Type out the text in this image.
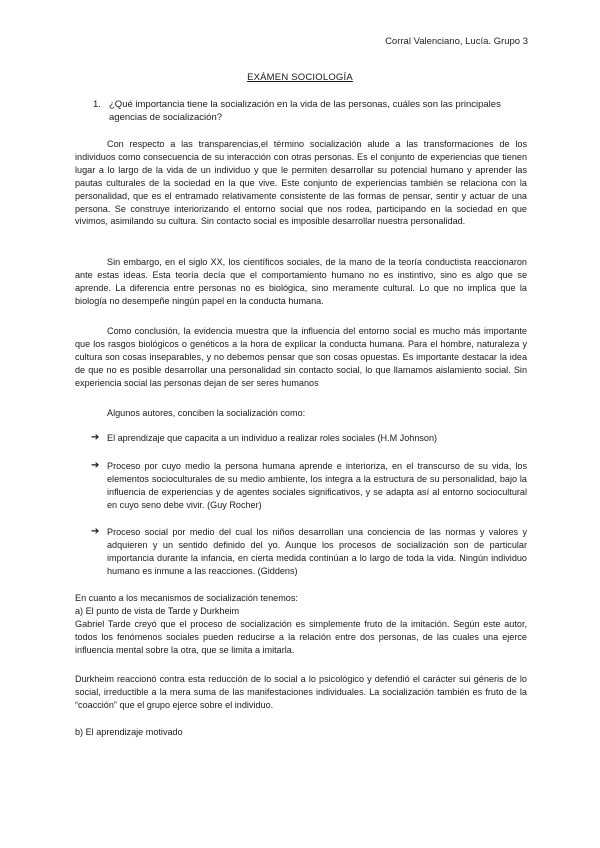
Corral Valenciano, Lucía. Grupo 3
EXÁMEN SOCIOLOGÍA
1. ¿Qué importancia tiene la socialización en la vida de las personas, cuáles son las principales agencias de socialización?
Con respecto a las transparencias,el término socialización alude a las transformaciones de los individuos como consecuencia de su interacción con otras personas. Es el conjunto de experiencias que tienen lugar a lo largo de la vida de un individuo y que le permiten desarrollar su potencial humano y aprender las pautas culturales de la sociedad en la que vive. Este conjunto de experiencias también se relaciona con la personalidad, que es el entramado relativamente consistente de las formas de pensar, sentir y actuar de una persona. Se construye interiorizando el entorno social que nos rodea, participando en la sociedad en que vivimos, asimilando su cultura. Sin contacto social es imposible desarrollar nuestra personalidad.
Sin embargo, en el siglo XX, los científicos sociales, de la mano de la teoría conductista reaccionaron ante estas ideas. Esta teoría decía que el comportamiento humano no es instintivo, sino es algo que se aprende. La diferencia entre personas no es biológica, sino meramente cultural. Lo que no implica que la biología no desempeñe ningún papel en la conducta humana.
Como conclusión, la evidencia muestra que la influencia del entorno social es mucho más importante que los rasgos biológicos o genéticos a la hora de explicar la conducta humana. Para el hombre, naturaleza y cultura son cosas inseparables, y no debemos pensar que son cosas opuestas. Es importante destacar la idea de que no es posible desarrollar una personalidad sin contacto social, lo que llamamos aislamiento social. Sin experiencia social las personas dejan de ser seres humanos
Algunos autores, conciben la socialización como:
➔ El aprendizaje que capacita a un individuo a realizar roles sociales (H.M Johnson)
➔ Proceso por cuyo medio la persona humana aprende e interioriza, en el transcurso de su vida, los elementos socioculturales de su medio ambiente, los integra a la estructura de su personalidad, bajo la influencia de experiencias y de agentes sociales significativos, y se adapta así al entorno sociocultural en cuyo seno debe vivir. (Guy Rocher)
➔ Proceso social por medio del cual los niños desarrollan una conciencia de las normas y valores y adquieren y un sentido definido del yo. Aunque los procesos de socialización son de particular importancia durante la infancia, en cierta medida continúan a lo largo de toda la vida. Ningún individuo humano es inmune a las reacciones. (Giddens)
En cuanto a los mecanismos de socialización tenemos:
a) El punto de vista de Tarde y Durkheim
Gabriel Tarde creyó que el proceso de socialización es simplemente fruto de la imitación. Según este autor, todos los fenómenos sociales pueden reducirse a la relación entre dos personas, de las cuales una ejerce influencia mental sobre la otra, que se limita a imitarla.
Durkheim reaccionó contra esta reducción de lo social a lo psicológico y defendió el carácter sui géneris de lo social, irreductible a la mera suma de las manifestaciones individuales. La socialización también es fruto de la “coacción” que el grupo ejerce sobre el individuo.
b) El aprendizaje motivado
